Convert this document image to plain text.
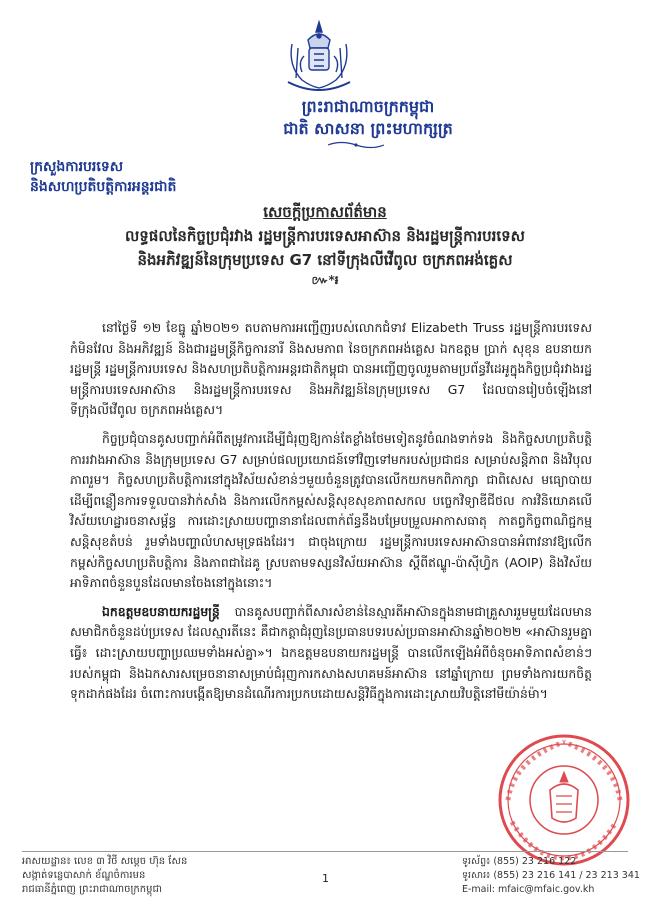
ព្រះរាជាណាចក្រកម្ពុជា
ជាតិ សាសនា ព្រះមហាក្សត្រ
ក្រសួងការបរទេស
និងសហប្រតិបត្តិការអន្តរជាតិ
សេចក្តីប្រកាសព័ត៌មាន
លទ្ធផលនៃកិច្ចប្រជុំរវាង រដ្ឋមន្ត្រីការបរទេសអាស៊ាន និងរដ្ឋមន្ត្រីការបរទេស
និងអភិវឌ្ឍន៍នៃក្រុមប្រទេស G7 នៅទីក្រុងលីវើពូល ចក្រភពអង់គ្លេស
៚*៛

នៅថ្ងៃទី ១២ ខែធ្នូ ឆ្នាំ២០២១ តបតាមការអញ្ជើញរបស់លោកជំទាវ Elizabeth Truss រដ្ឋមន្ត្រីការបរទេស កំមិនវែល និងអភិវឌ្ឍន៍ និងជារដ្ឋមន្ត្រីកិច្ចការនារី និងសមភាព នៃចក្រភពអង់គ្លេស ឯកឧត្តម ប្រាក់ សុខុន ឧបនាយករដ្ឋមន្ត្រី រដ្ឋមន្ត្រីការបរទេស និងសហប្រតិបត្តិការអន្តរជាតិកម្ពុជា បានអញ្ជើញចូលរួមតាមប្រព័ន្ធវីដេអូក្នុងកិច្ចប្រជុំរវាងរដ្ឋមន្ត្រីការបរទេសអាស៊ាន និងរដ្ឋមន្ត្រីការបរទេស និងអភិវឌ្ឍន៍នៃក្រុមប្រទេស G7 ដែលបានរៀបចំឡើងនៅទីក្រុងលីវើពូល ចក្រភពអង់គ្លេស។

កិច្ចប្រជុំបានគូសបញ្ជាក់អំពីតម្រូវការដើម្បីជំរុញឱ្យកាន់តែខ្លាំងថែមទៀតនូវចំណងទាក់ទង និងកិច្ចសហប្រតិបត្តិការរវាងអាស៊ាន និងក្រុមប្រទេស G7 សម្រាប់ផលប្រយោជន៍ទៅវិញទៅមករបស់ប្រជាជន សម្រាប់សន្តិភាព និងវិបុលភាពរួម។ កិច្ចសហប្រតិបត្តិការនៅក្នុងវិស័យសំខាន់ៗមួយចំនួនត្រូវបានលើកយកមកពិភាក្សា ជាពិសេស មធ្យោបាយដើម្បីពន្លឿនការទទួលបានវ៉ាក់សាំង និងការលើកកម្ពស់សន្តិសុខសុខភាពសកល បច្ចេកវិទ្យាឌីជីថល ការវិនិយោគលើវិស័យហេដ្ឋារចនាសម្ព័ន្ធ ការដោះស្រាយបញ្ហានានាដែលពាក់ព័ន្ធនឹងបម្រែបម្រួលអាកាសធាតុ កាតព្វកិច្ចពាណិជ្ជកម្ម សន្តិសុខតំបន់ រួមទាំងបញ្ហាលំហសមុទ្រផងដែរ។ ជាចុងក្រោយ រដ្ឋមន្ត្រីការបរទេសអាស៊ានបានអំពាវនាវឱ្យលើកកម្ពស់កិច្ចសហប្រតិបត្តិការ និងភាពជាដៃគូ ស្របតាមទស្សនវិស័យអាស៊ាន ស្តីពីឥណ្ឌូ-ប៉ាស៊ីហ្វិក (AOIP) និងវិស័យអាទិភាពចំនួនបួនដែលមានចែងនៅក្នុងនោះ។

ឯកឧត្តមឧបនាយករដ្ឋមន្ត្រី បានគូសបញ្ជាក់ពីសារសំខាន់នៃស្មារតីអាស៊ានក្នុងនាមជាគ្រួសាររួមមួយដែលមានសមាជិកចំនួនដប់ប្រទេស ដែលស្មារតីនេះ គឺជាកត្តាជំរុញនៃប្រធានបទរបស់ប្រធានអាស៊ានឆ្នាំ២០២២ «អាស៊ានរួមគ្នាធ្វើ៖ ដោះស្រាយបញ្ហាប្រឈមទាំងអស់គ្នា»។ ឯកឧត្តមឧបនាយករដ្ឋមន្ត្រី បានលើកឡើងអំពីចំនុចអាទិភាពសំខាន់ៗរបស់កម្ពុជា និងឯកសារសម្រេចនានាសម្រាប់ជំរុញការកសាងសហគមន៍អាស៊ាន នៅឆ្នាំក្រោយ ព្រមទាំងការយកចិត្តទុកដាក់ផងដែរ ចំពោះការបង្កើតឱ្យមានដំណើរការប្រកបដោយសន្តិវិធីក្នុងការដោះស្រាយវិបត្តិនៅមីយ៉ាន់ម៉ា។

អាសយដ្ឋាន៖ លេខ ៣ វិថី សម្តេច ហ៊ុន សែន
សង្កាត់ទន្លេបាសាក់ ខ័ណ្ឌចំការមន
រាជធានីភ្នំពេញ ព្រះរាជាណាចក្រកម្ពុជា
1
ទូរស័ព្ទ៖ (855) 23 216 122
ទូរសារ៖ (855) 23 216 141 / 23 213 341
E-mail: mfaic@mfaic.gov.kh
